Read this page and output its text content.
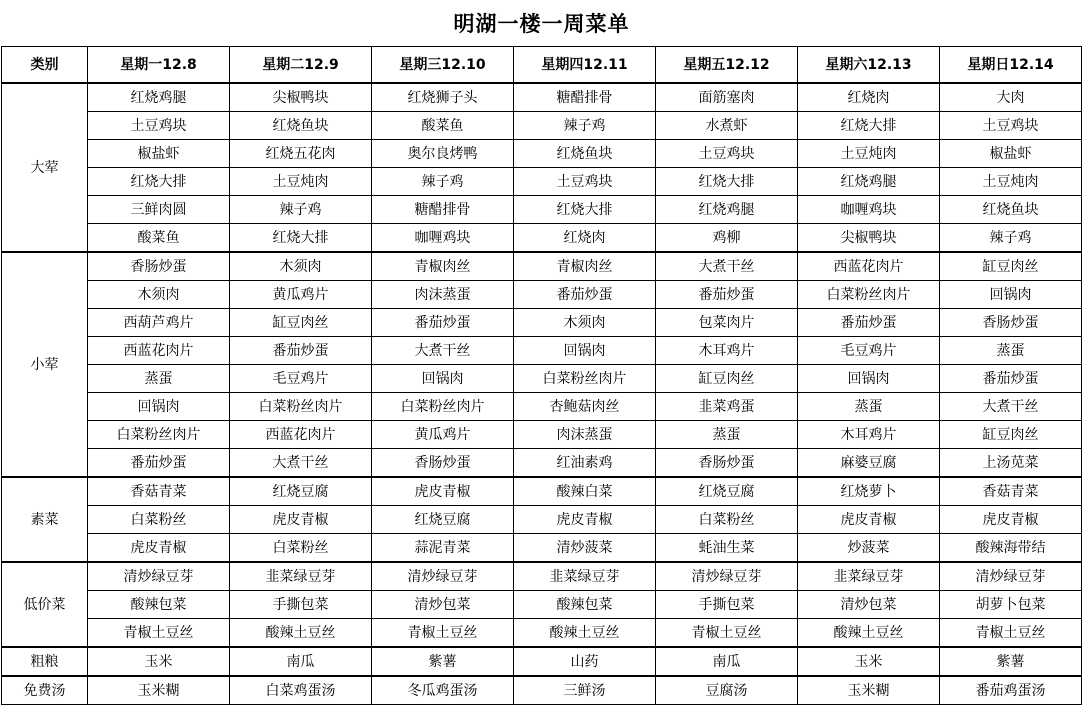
明湖一楼一周菜单
类别	星期一12.8	星期二12.9	星期三12.10	星期四12.11	星期五12.12	星期六12.13	星期日12.14
大荤	红烧鸡腿	尖椒鸭块	红烧狮子头	糖醋排骨	面筋塞肉	红烧肉	大肉
	土豆鸡块	红烧鱼块	酸菜鱼	辣子鸡	水煮虾	红烧大排	土豆鸡块
	椒盐虾	红烧五花肉	奥尔良烤鸭	红烧鱼块	土豆鸡块	土豆炖肉	椒盐虾
	红烧大排	土豆炖肉	辣子鸡	土豆鸡块	红烧大排	红烧鸡腿	土豆炖肉
	三鲜肉圆	辣子鸡	糖醋排骨	红烧大排	红烧鸡腿	咖喱鸡块	红烧鱼块
	酸菜鱼	红烧大排	咖喱鸡块	红烧肉	鸡柳	尖椒鸭块	辣子鸡
小荤	香肠炒蛋	木须肉	青椒肉丝	青椒肉丝	大煮干丝	西蓝花肉片	缸豆肉丝
	木须肉	黄瓜鸡片	肉沫蒸蛋	番茄炒蛋	番茄炒蛋	白菜粉丝肉片	回锅肉
	西葫芦鸡片	缸豆肉丝	番茄炒蛋	木须肉	包菜肉片	番茄炒蛋	香肠炒蛋
	西蓝花肉片	番茄炒蛋	大煮干丝	回锅肉	木耳鸡片	毛豆鸡片	蒸蛋
	蒸蛋	毛豆鸡片	回锅肉	白菜粉丝肉片	缸豆肉丝	回锅肉	番茄炒蛋
	回锅肉	白菜粉丝肉片	白菜粉丝肉片	杏鲍菇肉丝	韭菜鸡蛋	蒸蛋	大煮干丝
	白菜粉丝肉片	西蓝花肉片	黄瓜鸡片	肉沫蒸蛋	蒸蛋	木耳鸡片	缸豆肉丝
	番茄炒蛋	大煮干丝	香肠炒蛋	红油素鸡	香肠炒蛋	麻婆豆腐	上汤苋菜
素菜	香菇青菜	红烧豆腐	虎皮青椒	酸辣白菜	红烧豆腐	红烧萝卜	香菇青菜
	白菜粉丝	虎皮青椒	红烧豆腐	虎皮青椒	白菜粉丝	虎皮青椒	虎皮青椒
	虎皮青椒	白菜粉丝	蒜泥青菜	清炒菠菜	蚝油生菜	炒菠菜	酸辣海带结
低价菜	清炒绿豆芽	韭菜绿豆芽	清炒绿豆芽	韭菜绿豆芽	清炒绿豆芽	韭菜绿豆芽	清炒绿豆芽
	酸辣包菜	手撕包菜	清炒包菜	酸辣包菜	手撕包菜	清炒包菜	胡萝卜包菜
	青椒土豆丝	酸辣土豆丝	青椒土豆丝	酸辣土豆丝	青椒土豆丝	酸辣土豆丝	青椒土豆丝
粗粮	玉米	南瓜	紫薯	山药	南瓜	玉米	紫薯
免费汤	玉米糊	白菜鸡蛋汤	冬瓜鸡蛋汤	三鲜汤	豆腐汤	玉米糊	番茄鸡蛋汤
